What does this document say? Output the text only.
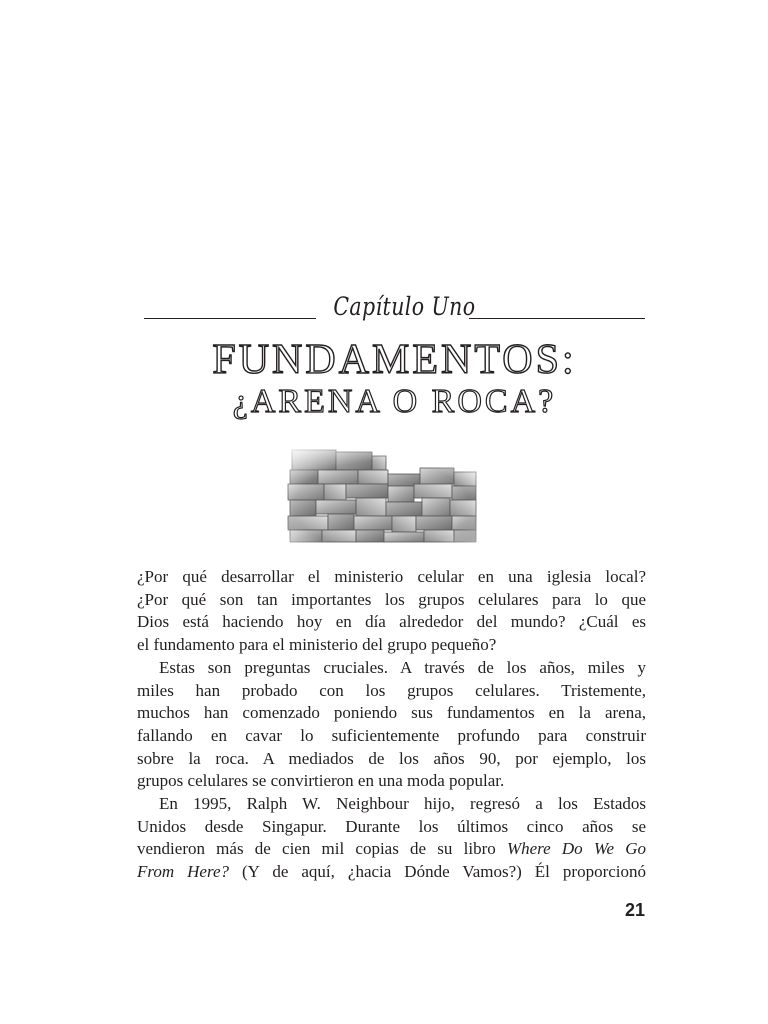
Capítulo Uno
FUNDAMENTOS:
¿ARENA O ROCA?
¿Por qué desarrollar el ministerio celular en una iglesia local?
¿Por qué son tan importantes los grupos celulares para lo que
Dios está haciendo hoy en día alrededor del mundo? ¿Cuál es
el fundamento para el ministerio del grupo pequeño?
Estas son preguntas cruciales. A través de los años, miles y
miles han probado con los grupos celulares. Tristemente,
muchos han comenzado poniendo sus fundamentos en la arena,
fallando en cavar lo suficientemente profundo para construir
sobre la roca. A mediados de los años 90, por ejemplo, los
grupos celulares se convirtieron en una moda popular.
En 1995, Ralph W. Neighbour hijo, regresó a los Estados
Unidos desde Singapur. Durante los últimos cinco años se
vendieron más de cien mil copias de su libro Where Do We Go
From Here? (Y de aquí, ¿hacia Dónde Vamos?) Él proporcionó
21
